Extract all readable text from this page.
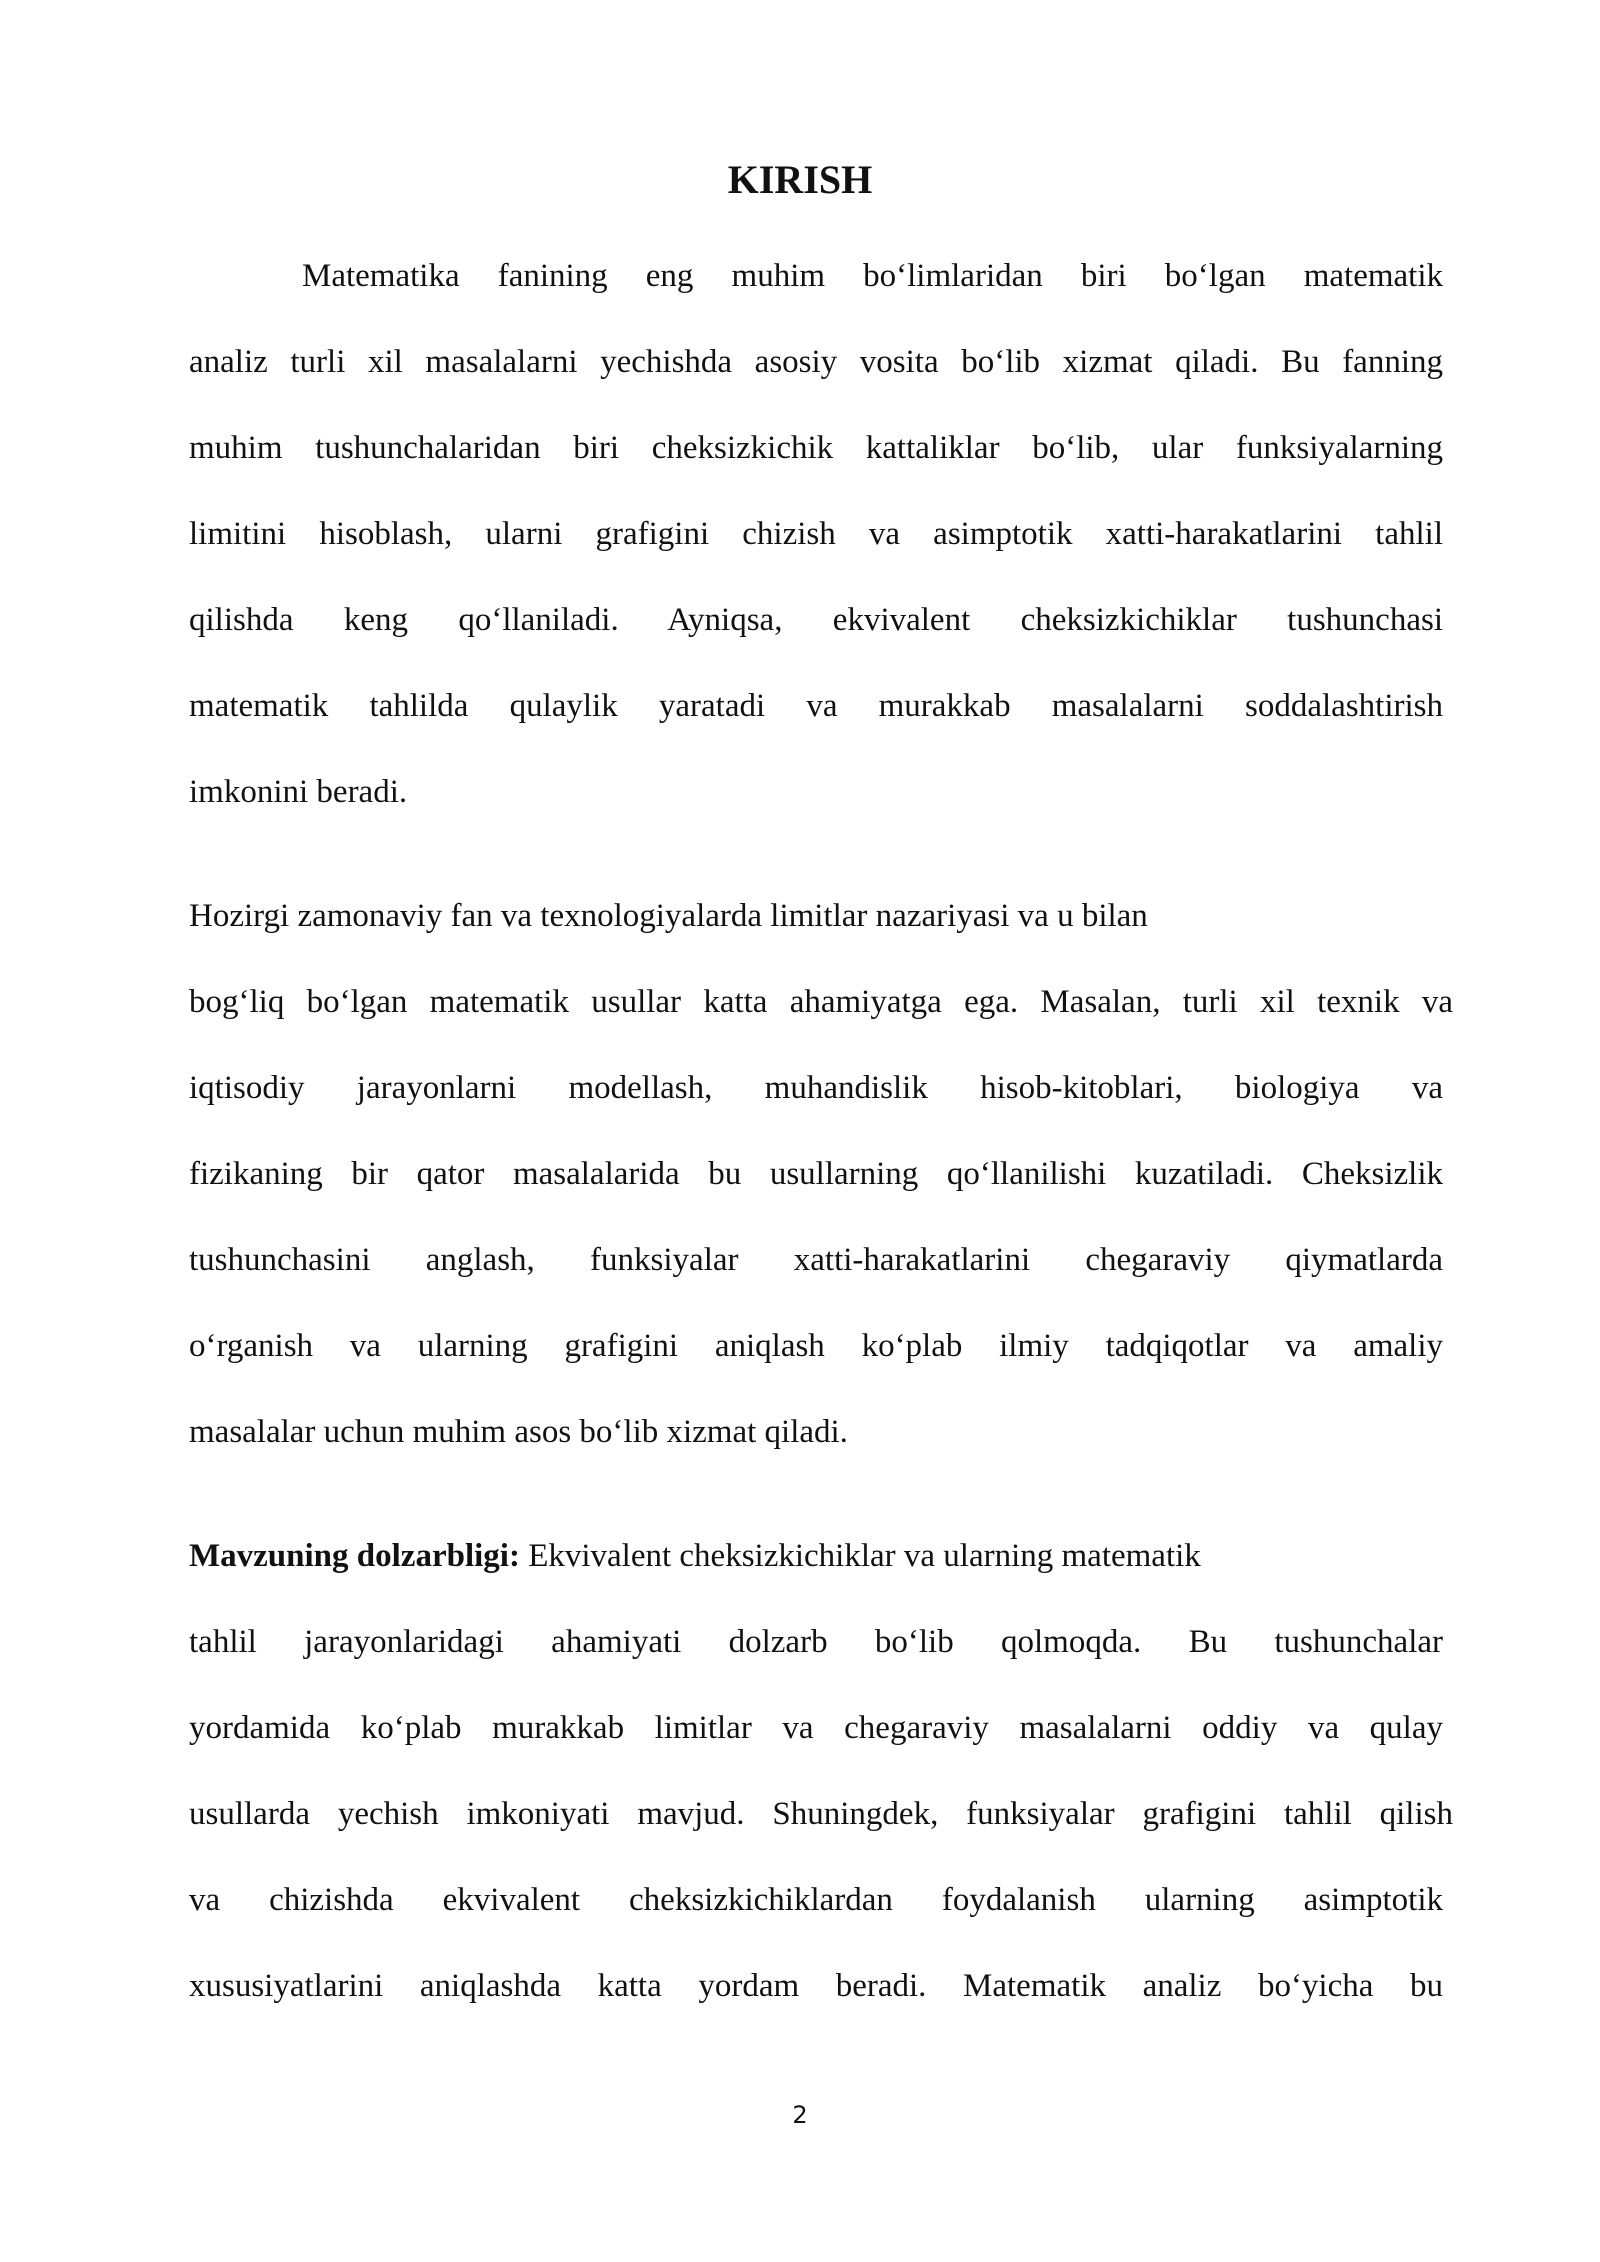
KIRISH
Matematika fanining eng muhim bo‘limlaridan biri bo‘lgan matematik
analiz turli xil masalalarni yechishda asosiy vosita bo‘lib xizmat qiladi. Bu fanning
muhim tushunchalaridan biri cheksizkichik kattaliklar bo‘lib, ular funksiyalarning
limitini hisoblash, ularni grafigini chizish va asimptotik xatti-harakatlarini tahlil
qilishda keng qo‘llaniladi. Ayniqsa, ekvivalent cheksizkichiklar tushunchasi
matematik tahlilda qulaylik yaratadi va murakkab masalalarni soddalashtirish
imkonini beradi.
Hozirgi zamonaviy fan va texnologiyalarda limitlar nazariyasi va u bilan
bog‘liq bo‘lgan matematik usullar katta ahamiyatga ega. Masalan, turli xil texnik va
iqtisodiy jarayonlarni modellash, muhandislik hisob-kitoblari, biologiya va
fizikaning bir qator masalalarida bu usullarning qo‘llanilishi kuzatiladi. Cheksizlik
tushunchasini anglash, funksiyalar xatti-harakatlarini chegaraviy qiymatlarda
o‘rganish va ularning grafigini aniqlash ko‘plab ilmiy tadqiqotlar va amaliy
masalalar uchun muhim asos bo‘lib xizmat qiladi.
Mavzuning dolzarbligi: Ekvivalent cheksizkichiklar va ularning matematik
tahlil jarayonlaridagi ahamiyati dolzarb bo‘lib qolmoqda. Bu tushunchalar
yordamida ko‘plab murakkab limitlar va chegaraviy masalalarni oddiy va qulay
usullarda yechish imkoniyati mavjud. Shuningdek, funksiyalar grafigini tahlil qilish
va chizishda ekvivalent cheksizkichiklardan foydalanish ularning asimptotik
xususiyatlarini aniqlashda katta yordam beradi. Matematik analiz bo‘yicha bu
2
